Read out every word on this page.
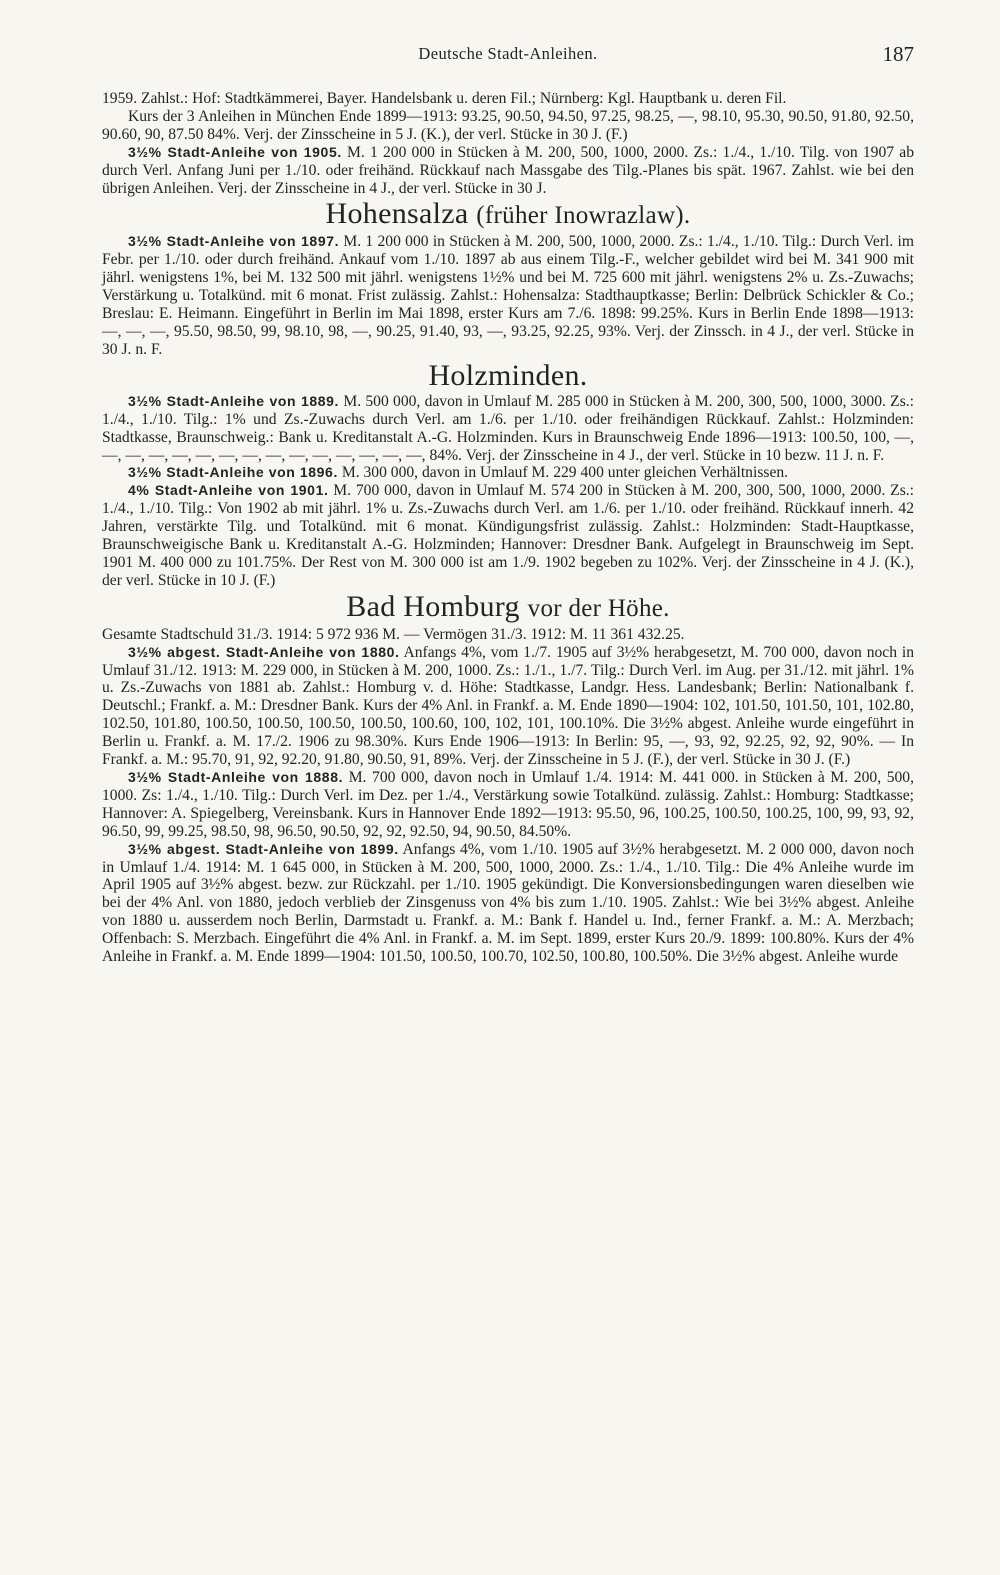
Deutsche Stadt-Anleihen.	187

1959. Zahlst.: Hof: Stadtkämmerei, Bayer. Handelsbank u. deren Fil.; Nürnberg: Kgl. Hauptbank u. deren Fil.

Kurs der 3 Anleihen in München Ende 1899—1913: 93.25, 90.50, 94.50, 97.25, 98.25, —, 98.10, 95.30, 90.50, 91.80, 92.50, 90.60, 90, 87.50 84%. Verj. der Zinsscheine in 5 J. (K.), der verl. Stücke in 30 J. (F.)

3½% Stadt-Anleihe von 1905. M. 1 200 000 in Stücken à M. 200, 500, 1000, 2000. Zs.: 1./4., 1./10. Tilg. von 1907 ab durch Verl. Anfang Juni per 1./10. oder freihänd. Rückkauf nach Massgabe des Tilg.-Planes bis spät. 1967. Zahlst. wie bei den übrigen Anleihen. Verj. der Zinsscheine in 4 J., der verl. Stücke in 30 J.

Hohensalza (früher Inowrazlaw).

3½% Stadt-Anleihe von 1897. M. 1 200 000 in Stücken à M. 200, 500, 1000, 2000. Zs.: 1./4., 1./10. Tilg.: Durch Verl. im Febr. per 1./10. oder durch freihänd. Ankauf vom 1./10. 1897 ab aus einem Tilg.-F., welcher gebildet wird bei M. 341 900 mit jährl. wenigstens 1%, bei M. 132 500 mit jährl. wenigstens 1½% und bei M. 725 600 mit jährl. wenigstens 2% u. Zs.-Zuwachs; Verstärkung u. Totalkünd. mit 6 monat. Frist zulässig. Zahlst.: Hohensalza: Stadthauptkasse; Berlin: Delbrück Schickler & Co.; Breslau: E. Heimann. Eingeführt in Berlin im Mai 1898, erster Kurs am 7./6. 1898: 99.25%. Kurs in Berlin Ende 1898—1913: —, —, —, 95.50, 98.50, 99, 98.10, 98, —, 90.25, 91.40, 93, —, 93.25, 92.25, 93%. Verj. der Zinssch. in 4 J., der verl. Stücke in 30 J. n. F.

Holzminden.

3½% Stadt-Anleihe von 1889. M. 500 000, davon in Umlauf M. 285 000 in Stücken à M. 200, 300, 500, 1000, 3000. Zs.: 1./4., 1./10. Tilg.: 1% und Zs.-Zuwachs durch Verl. am 1./6. per 1./10. oder freihändigen Rückkauf. Zahlst.: Holzminden: Stadtkasse, Braunschweig.: Bank u. Kreditanstalt A.-G. Holzminden. Kurs in Braunschweig Ende 1896—1913: 100.50, 100, —, —, —, —, —, —, —, —, —, —, —, —, —, —, —, 84%. Verj. der Zinsscheine in 4 J., der verl. Stücke in 10 bezw. 11 J. n. F.

3½% Stadt-Anleihe von 1896. M. 300 000, davon in Umlauf M. 229 400 unter gleichen Verhältnissen.

4% Stadt-Anleihe von 1901. M. 700 000, davon in Umlauf M. 574 200 in Stücken à M. 200, 300, 500, 1000, 2000. Zs.: 1./4., 1./10. Tilg.: Von 1902 ab mit jährl. 1% u. Zs.-Zuwachs durch Verl. am 1./6. per 1./10. oder freihänd. Rückkauf innerh. 42 Jahren, verstärkte Tilg. und Totalkünd. mit 6 monat. Kündigungsfrist zulässig. Zahlst.: Holzminden: Stadt-Hauptkasse, Braunschweigische Bank u. Kreditanstalt A.-G. Holzminden; Hannover: Dresdner Bank. Aufgelegt in Braunschweig im Sept. 1901 M. 400 000 zu 101.75%. Der Rest von M. 300 000 ist am 1./9. 1902 begeben zu 102%. Verj. der Zinsscheine in 4 J. (K.), der verl. Stücke in 10 J. (F.)

Bad Homburg vor der Höhe.

Gesamte Stadtschuld 31./3. 1914: 5 972 936 M. — Vermögen 31./3. 1912: M. 11 361 432.25.

3½% abgest. Stadt-Anleihe von 1880. Anfangs 4%, vom 1./7. 1905 auf 3½% herabgesetzt, M. 700 000, davon noch in Umlauf 31./12. 1913: M. 229 000, in Stücken à M. 200, 1000. Zs.: 1./1., 1./7. Tilg.: Durch Verl. im Aug. per 31./12. mit jährl. 1% u. Zs.-Zuwachs von 1881 ab. Zahlst.: Homburg v. d. Höhe: Stadtkasse, Landgr. Hess. Landesbank; Berlin: Nationalbank f. Deutschl.; Frankf. a. M.: Dresdner Bank. Kurs der 4% Anl. in Frankf. a. M. Ende 1890—1904: 102, 101.50, 101.50, 101, 102.80, 102.50, 101.80, 100.50, 100.50, 100.50, 100.50, 100.60, 100, 102, 101, 100.10%. Die 3½% abgest. Anleihe wurde eingeführt in Berlin u. Frankf. a. M. 17./2. 1906 zu 98.30%. Kurs Ende 1906—1913: In Berlin: 95, —, 93, 92, 92.25, 92, 92, 90%. — In Frankf. a. M.: 95.70, 91, 92, 92.20, 91.80, 90.50, 91, 89%. Verj. der Zinsscheine in 5 J. (F.), der verl. Stücke in 30 J. (F.)

3½% Stadt-Anleihe von 1888. M. 700 000, davon noch in Umlauf 1./4. 1914: M. 441 000. in Stücken à M. 200, 500, 1000. Zs: 1./4., 1./10. Tilg.: Durch Verl. im Dez. per 1./4., Verstärkung sowie Totalkünd. zulässig. Zahlst.: Homburg: Stadtkasse; Hannover: A. Spiegelberg, Vereinsbank. Kurs in Hannover Ende 1892—1913: 95.50, 96, 100.25, 100.50, 100.25, 100, 99, 93, 92, 96.50, 99, 99.25, 98.50, 98, 96.50, 90.50, 92, 92, 92.50, 94, 90.50, 84.50%.

3½% abgest. Stadt-Anleihe von 1899. Anfangs 4%, vom 1./10. 1905 auf 3½% herabgesetzt. M. 2 000 000, davon noch in Umlauf 1./4. 1914: M. 1 645 000, in Stücken à M. 200, 500, 1000, 2000. Zs.: 1./4., 1./10. Tilg.: Die 4% Anleihe wurde im April 1905 auf 3½% abgest. bezw. zur Rückzahl. per 1./10. 1905 gekündigt. Die Konversionsbedingungen waren dieselben wie bei der 4% Anl. von 1880, jedoch verblieb der Zinsgenuss von 4% bis zum 1./10. 1905. Zahlst.: Wie bei 3½% abgest. Anleihe von 1880 u. ausserdem noch Berlin, Darmstadt u. Frankf. a. M.: Bank f. Handel u. Ind., ferner Frankf. a. M.: A. Merzbach; Offenbach: S. Merzbach. Eingeführt die 4% Anl. in Frankf. a. M. im Sept. 1899, erster Kurs 20./9. 1899: 100.80%. Kurs der 4% Anleihe in Frankf. a. M. Ende 1899—1904: 101.50, 100.50, 100.70, 102.50, 100.80, 100.50%. Die 3½% abgest. Anleihe wurde
